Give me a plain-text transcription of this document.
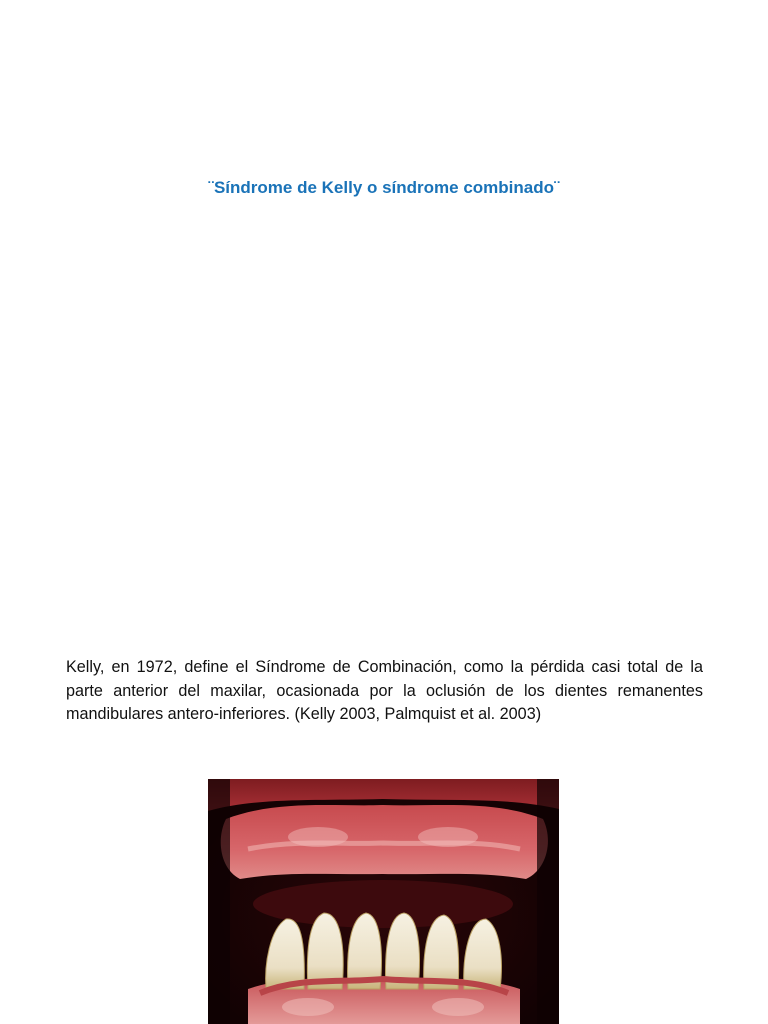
¨Síndrome de Kelly o síndrome combinado¨

Kelly, en 1972, define el Síndrome de Combinación, como la pérdida casi total de la parte anterior del maxilar, ocasionada por la oclusión de los dientes remanentes mandibulares antero-inferiores. (Kelly 2003, Palmquist et al. 2003)
